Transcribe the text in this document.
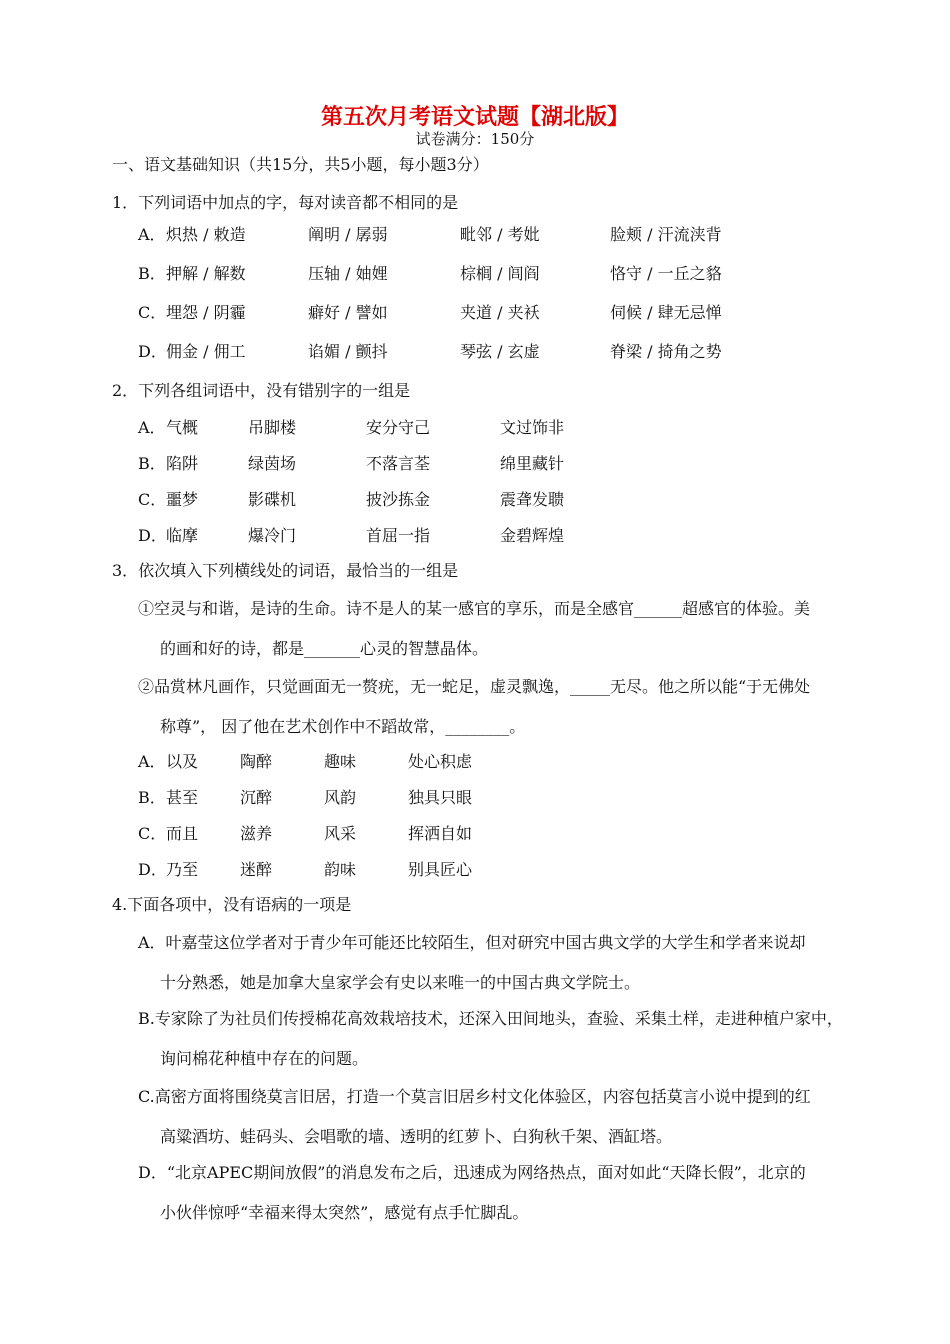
第五次月考语文试题【湖北版】
试卷满分：150分
一、语文基础知识（共15分，共5小题，每小题3分）
1．下列词语中加点的字，每对读音都不相同的是
A． 炽热 / 敕造	阐明 / 孱弱	毗邻 / 考妣	脸颊 / 汗流浃背
B． 押解 / 解数	压轴 / 妯娌	棕榈 / 闾阎	恪守 / 一丘之貉
C． 埋怨 / 阴霾	癖好 / 譬如	夹道 / 夹袄	伺候 / 肆无忌惮
D． 佣金 / 佣工	谄媚 / 颤抖	琴弦 / 玄虚	脊梁 / 掎角之势
2．下列各组词语中，没有错别字的一组是
A． 气概	吊脚楼	安分守己	文过饰非
B． 陷阱	绿茵场	不落言荃	绵里藏针
C． 噩梦	影碟机	披沙拣金	震聋发聩
D． 临摩	爆冷门	首屈一指	金碧辉煌
3．依次填入下列横线处的词语，最恰当的一组是
①空灵与和谐，是诗的生命。诗不是人的某一感官的享乐，而是全感官______超感官的体验。美
的画和好的诗，都是_______心灵的智慧晶体。
②品赏林凡画作，只觉画面无一赘疣，无一蛇足，虚灵飘逸，_____无尽。他之所以能“于无佛处
称尊”， 因了他在艺术创作中不蹈故常，________。
A． 以及	陶醉	趣味	处心积虑
B． 甚至	沉醉	风韵	独具只眼
C． 而且	滋养	风采	挥洒自如
D． 乃至	迷醉	韵味	别具匠心
4.下面各项中，没有语病的一项是
A．叶嘉莹这位学者对于青少年可能还比较陌生，但对研究中国古典文学的大学生和学者来说却
十分熟悉，她是加拿大皇家学会有史以来唯一的中国古典文学院士。
B.专家除了为社员们传授棉花高效栽培技术，还深入田间地头，查验、采集土样，走进种植户家中，
询问棉花种植中存在的问题。
C.高密方面将围绕莫言旧居，打造一个莫言旧居乡村文化体验区，内容包括莫言小说中提到的红
高粱酒坊、蛙码头、会唱歌的墙、透明的红萝卜、白狗秋千架、酒缸塔。
D．“北京APEC期间放假”的消息发布之后，迅速成为网络热点，面对如此“天降长假”，北京的
小伙伴惊呼“幸福来得太突然”，感觉有点手忙脚乱。
